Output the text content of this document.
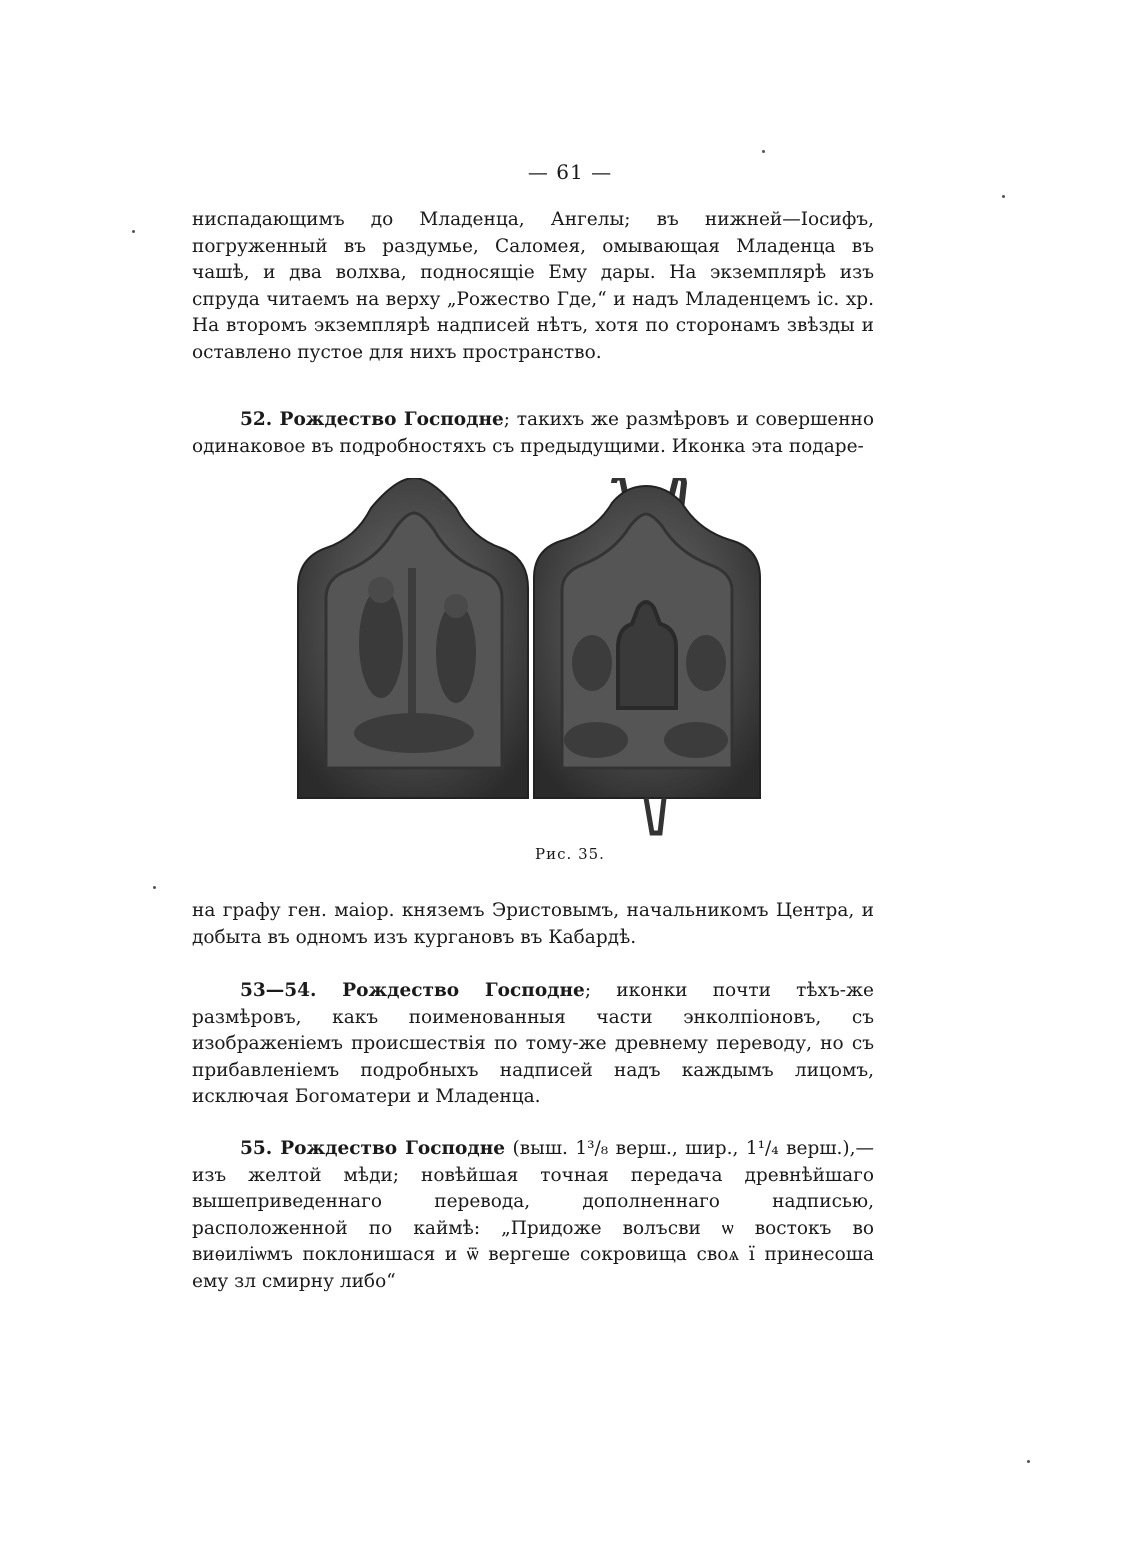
— 61 —

ниспадающимъ до Младенца, Ангелы; въ нижней—Іосифъ, погруженный въ раздумье, Саломея, омывающая Младенца въ чашѣ, и два волхва, подносящіе Ему дары. На экземплярѣ изъ спруда читаемъ на верху „Рожество Гдe,“ и надъ Младенцемъ іс. хр. На второмъ экземплярѣ надписей нѣтъ, хотя по сторонамъ звѣзды и оставлено пустое для нихъ пространство.

52. Рождество Господне; такихъ же размѣровъ и совершенно одинаковое въ подробностяхъ съ предыдущими. Иконка эта подаре-

Рис. 35.

на графу ген. маіор. княземъ Эристовымъ, начальникомъ Центра, и добыта въ одномъ изъ кургановъ въ Кабардѣ.

53—54. Рождество Господне; иконки почти тѣхъ-же размѣровъ, какъ поименованныя части энколпіоновъ, съ изображеніемъ происшествія по тому-же древнему переводу, но съ прибавленіемъ подробныхъ надписей надъ каждымъ лицомъ, исключая Богоматери и Младенца.

55. Рождество Господне (выш. 1³/₈ верш., шир., 1¹/₄ верш.),—изъ желтой мѣди; новѣйшая точная передача древнѣйшаго вышеприведеннаго перевода, дополненнаго надписью, расположенной по каймѣ: „Придоже волъсви ѡ востокъ во виѳиліѡмъ поклонишася и ѿ вергеше сокровища своѧ ї принесоша ему зл смирну либо“
